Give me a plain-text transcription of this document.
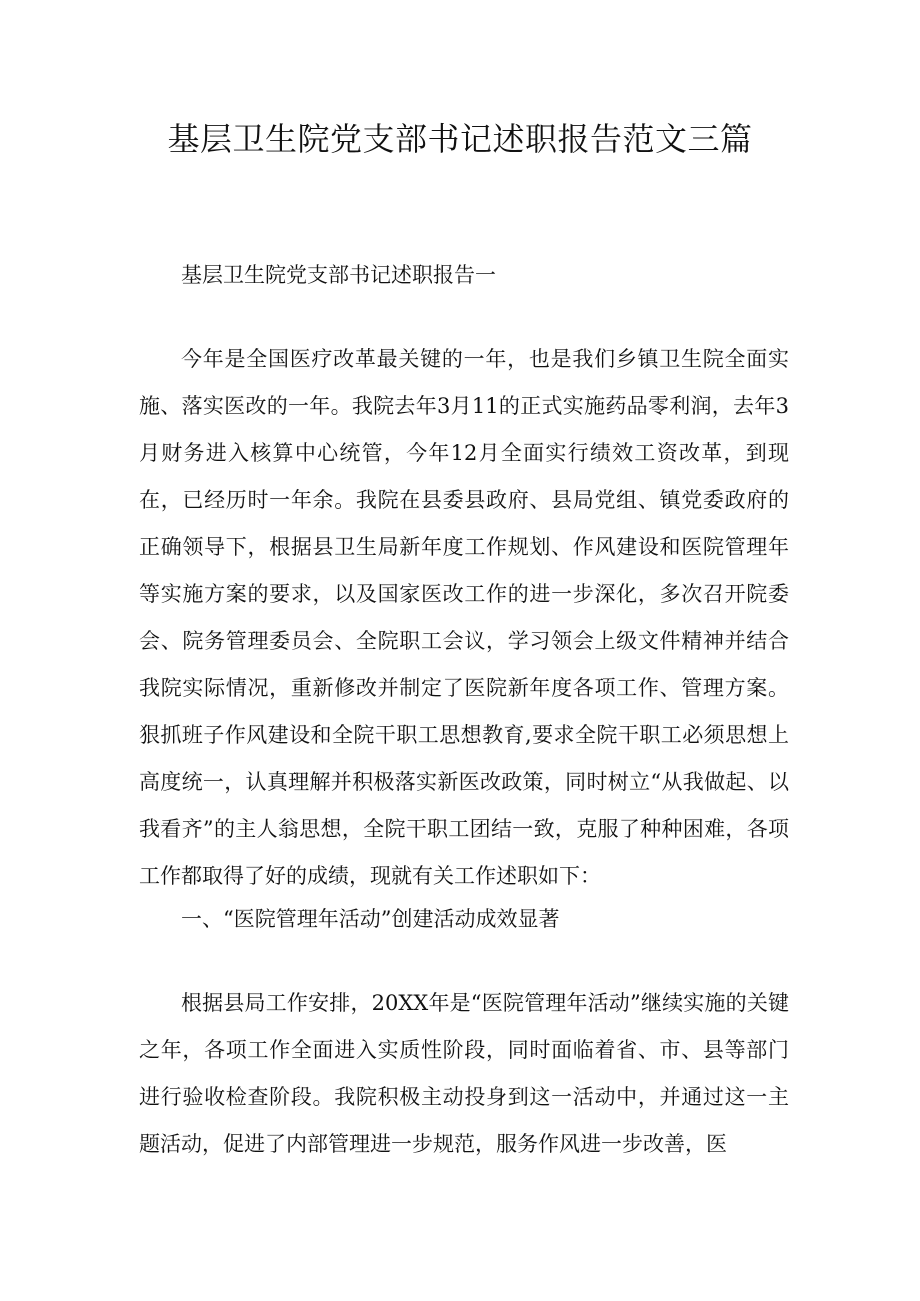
基层卫生院党支部书记述职报告范文三篇

基层卫生院党支部书记述职报告一

今年是全国医疗改革最关键的一年，也是我们乡镇卫生院全面实施、落实医改的一年。我院去年3月11的正式实施药品零利润，去年3月财务进入核算中心统管，今年12月全面实行绩效工资改革，到现在，已经历时一年余。我院在县委县政府、县局党组、镇党委政府的正确领导下，根据县卫生局新年度工作规划、作风建设和医院管理年等实施方案的要求，以及国家医改工作的进一步深化，多次召开院委会、院务管理委员会、全院职工会议，学习领会上级文件精神并结合我院实际情况，重新修改并制定了医院新年度各项工作、管理方案。狠抓班子作风建设和全院干职工思想教育,要求全院干职工必须思想上高度统一，认真理解并积极落实新医改政策，同时树立“从我做起、以我看齐”的主人翁思想，全院干职工团结一致，克服了种种困难，各项工作都取得了好的成绩，现就有关工作述职如下：

一、“医院管理年活动”创建活动成效显著

根据县局工作安排，20XX年是“医院管理年活动”继续实施的关键之年，各项工作全面进入实质性阶段，同时面临着省、市、县等部门进行验收检查阶段。我院积极主动投身到这一活动中，并通过这一主题活动，促进了内部管理进一步规范，服务作风进一步改善，医
